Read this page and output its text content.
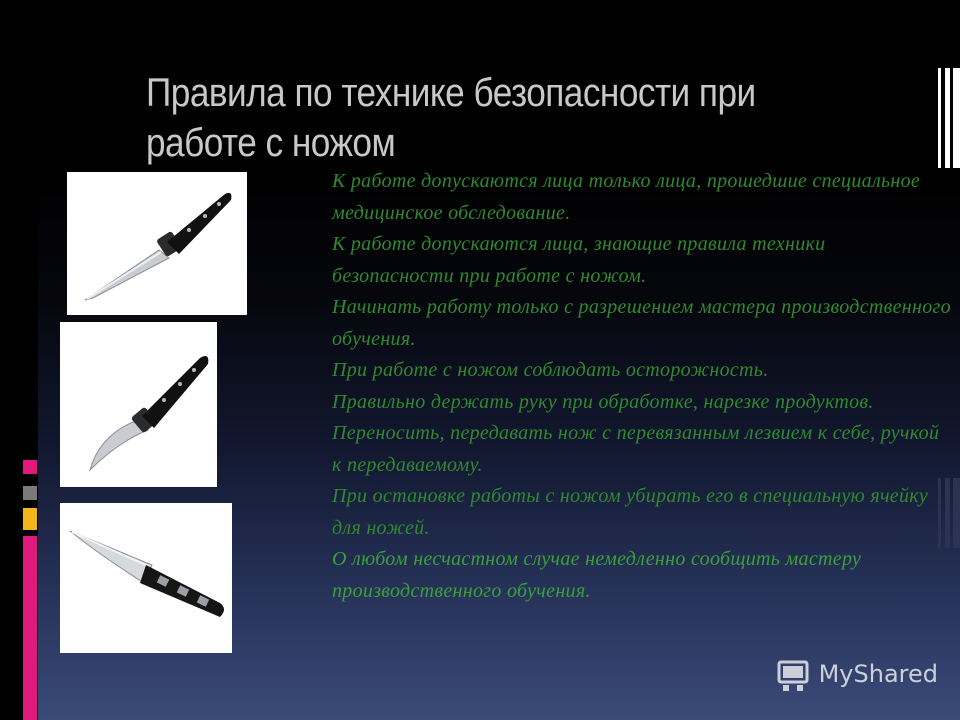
Правила по технике безопасности при работе с ножом
К работе допускаются лица только лица, прошедшие специальное медицинское обследование.
К работе допускаются лица, знающие правила техники безопасности при работе с ножом.
Начинать работу только с разрешением мастера производственного обучения.
При работе с ножом соблюдать осторожность.
Правильно держать руку при обработке, нарезке продуктов.
Переносить, передавать нож с перевязанным лезвием к себе, ручкой к передаваемому.
При остановке работы с ножом убирать его в специальную ячейку для ножей.
О любом несчастном случае немедленно сообщить мастеру производственного обучения.
MyShared
